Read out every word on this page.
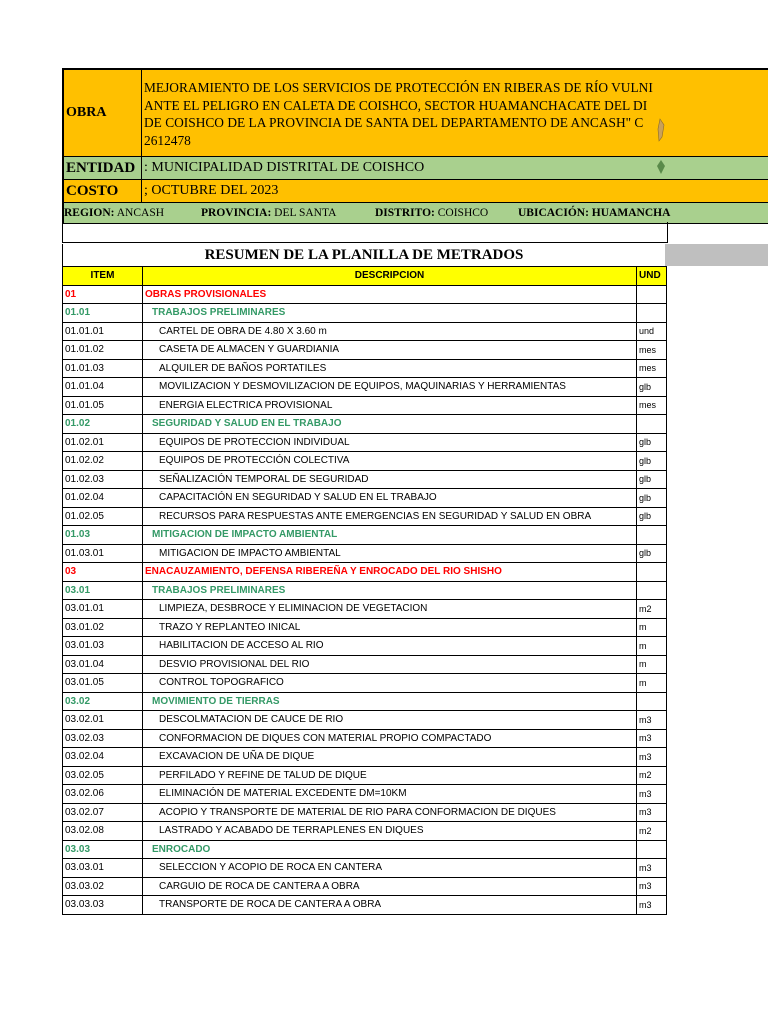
OBRA
MEJORAMIENTO DE LOS SERVICIOS DE PROTECCIÓN EN RIBERAS DE RÍO VULNI
ANTE EL PELIGRO EN CALETA DE COISHCO, SECTOR HUAMANCHACATE DEL DI
DE COISHCO DE LA PROVINCIA DE SANTA DEL DEPARTAMENTO DE ANCASH" C
2612478
ENTIDAD : MUNICIPALIDAD DISTRITAL DE COISHCO
COSTO	; OCTUBRE DEL 2023
REGION: ANCASH	PROVINCIA: DEL SANTA	DISTRITO: COISHCO	UBICACIÓN: HUAMANCHA
RESUMEN DE LA PLANILLA DE METRADOS
ITEM	DESCRIPCION	UND
01	OBRAS PROVISIONALES	
01.01	TRABAJOS PRELIMINARES	
01.01.01	CARTEL DE OBRA DE 4.80 X 3.60 m	und
01.01.02	CASETA DE ALMACEN Y GUARDIANIA	mes
01.01.03	ALQUILER DE BAÑOS PORTATILES	mes
01.01.04	MOVILIZACION Y DESMOVILIZACION DE EQUIPOS, MAQUINARIAS Y HERRAMIENTAS	glb
01.01.05	ENERGIA ELECTRICA PROVISIONAL	mes
01.02	SEGURIDAD Y SALUD EN EL TRABAJO	
01.02.01	EQUIPOS DE PROTECCION INDIVIDUAL	glb
01.02.02	EQUIPOS DE PROTECCIÓN COLECTIVA	glb
01.02.03	SEÑALIZACIÓN TEMPORAL DE SEGURIDAD	glb
01.02.04	CAPACITACIÓN EN SEGURIDAD Y SALUD EN EL TRABAJO	glb
01.02.05	RECURSOS PARA RESPUESTAS ANTE EMERGENCIAS EN SEGURIDAD Y SALUD EN OBRA	glb
01.03	MITIGACION DE IMPACTO AMBIENTAL	
01.03.01	MITIGACION DE IMPACTO AMBIENTAL	glb
03	ENACAUZAMIENTO, DEFENSA RIBEREÑA Y ENROCADO DEL RIO SHISHO	
03.01	TRABAJOS PRELIMINARES	
03.01.01	LIMPIEZA, DESBROCE Y ELIMINACION DE VEGETACION	m2
03.01.02	TRAZO Y REPLANTEO INICAL	m
03.01.03	HABILITACION DE ACCESO AL RIO	m
03.01.04	DESVIO PROVISIONAL DEL RIO	m
03.01.05	CONTROL TOPOGRAFICO	m
03.02	MOVIMIENTO DE TIERRAS	
03.02.01	DESCOLMATACION DE CAUCE DE RIO	m3
03.02.03	CONFORMACION DE DIQUES CON MATERIAL PROPIO COMPACTADO	m3
03.02.04	EXCAVACION DE UÑA DE DIQUE	m3
03.02.05	PERFILADO Y REFINE DE TALUD DE DIQUE	m2
03.02.06	ELIMINACIÓN DE MATERIAL EXCEDENTE DM=10KM	m3
03.02.07	ACOPIO Y TRANSPORTE DE MATERIAL DE RIO PARA CONFORMACION DE DIQUES	m3
03.02.08	LASTRADO Y ACABADO DE TERRAPLENES EN DIQUES	m2
03.03	ENROCADO	
03.03.01	SELECCION Y ACOPIO DE ROCA EN CANTERA	m3
03.03.02	CARGUIO DE ROCA DE CANTERA A OBRA	m3
03.03.03	TRANSPORTE DE ROCA DE CANTERA A OBRA	m3
